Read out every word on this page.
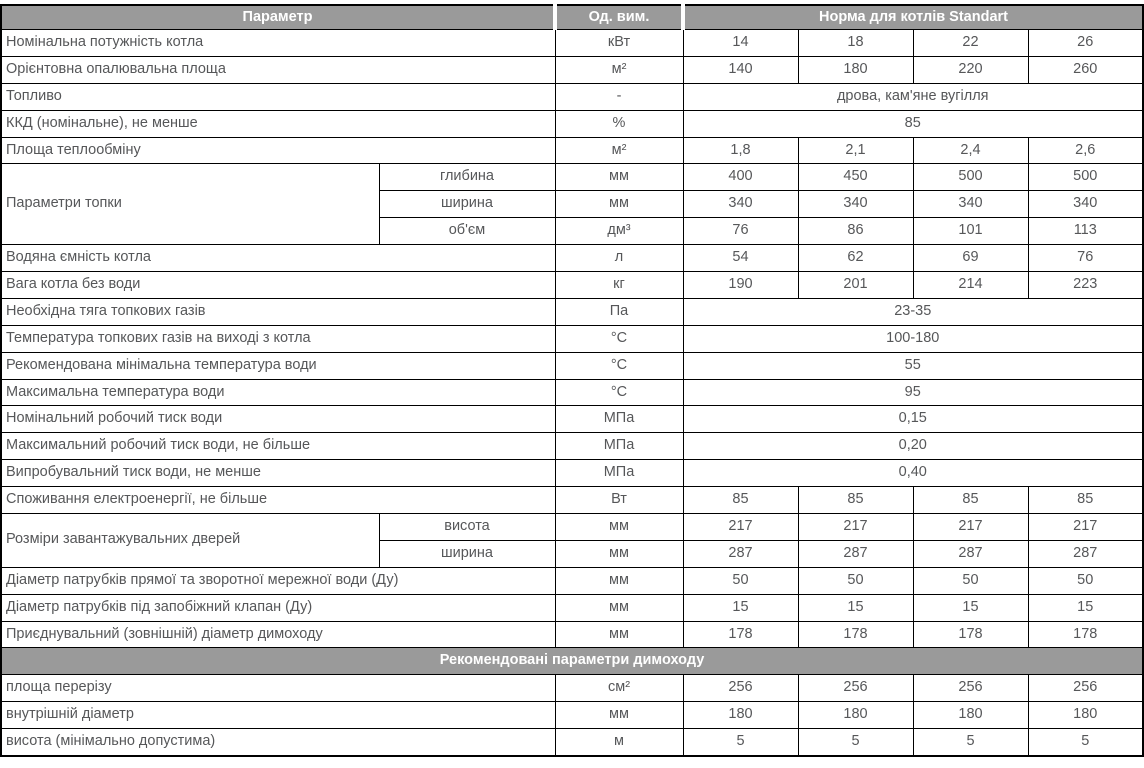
Параметр		Од. вим.	Норма для котлів Standart			
Номінальна потужність котла		кВт	14	18	22	26
Орієнтовна опалювальна площа		м²	140	180	220	260
Топливо		-	дрова, кам'яне вугілля			
ККД (номінальне), не менше		%	85			
Площа теплообміну		м²	1,8	2,1	2,4	2,6
Параметри топки	глибина	мм	400	450	500	500
	ширина	мм	340	340	340	340
	об'єм	дм³	76	86	101	113
Водяна ємність котла		л	54	62	69	76
Вага котла без води		кг	190	201	214	223
Необхідна тяга топкових газів		Па	23-35			
Температура топкових газів на виході з котла		°С	100-180			
Рекомендована мінімальна температура води		°С	55			
Максимальна температура води		°С	95			
Номінальний робочий тиск води		МПа	0,15			
Максимальний робочий тиск води, не більше		МПа	0,20			
Випробувальний тиск води, не менше		МПа	0,40			
Споживання електроенергії, не більше		Вт	85	85	85	85
Розміри завантажувальних дверей	висота	мм	217	217	217	217
	ширина	мм	287	287	287	287
Діаметр патрубків прямої та зворотної мережної води (Ду)		мм	50	50	50	50
Діаметр патрубків під запобіжний клапан (Ду)		мм	15	15	15	15
Приєднувальний (зовнішній) діаметр димоходу		мм	178	178	178	178
Рекомендовані параметри димоходу						
площа перерізу		см²	256	256	256	256
внутрішній діаметр		мм	180	180	180	180
висота (мінімально допустима)		м	5	5	5	5
